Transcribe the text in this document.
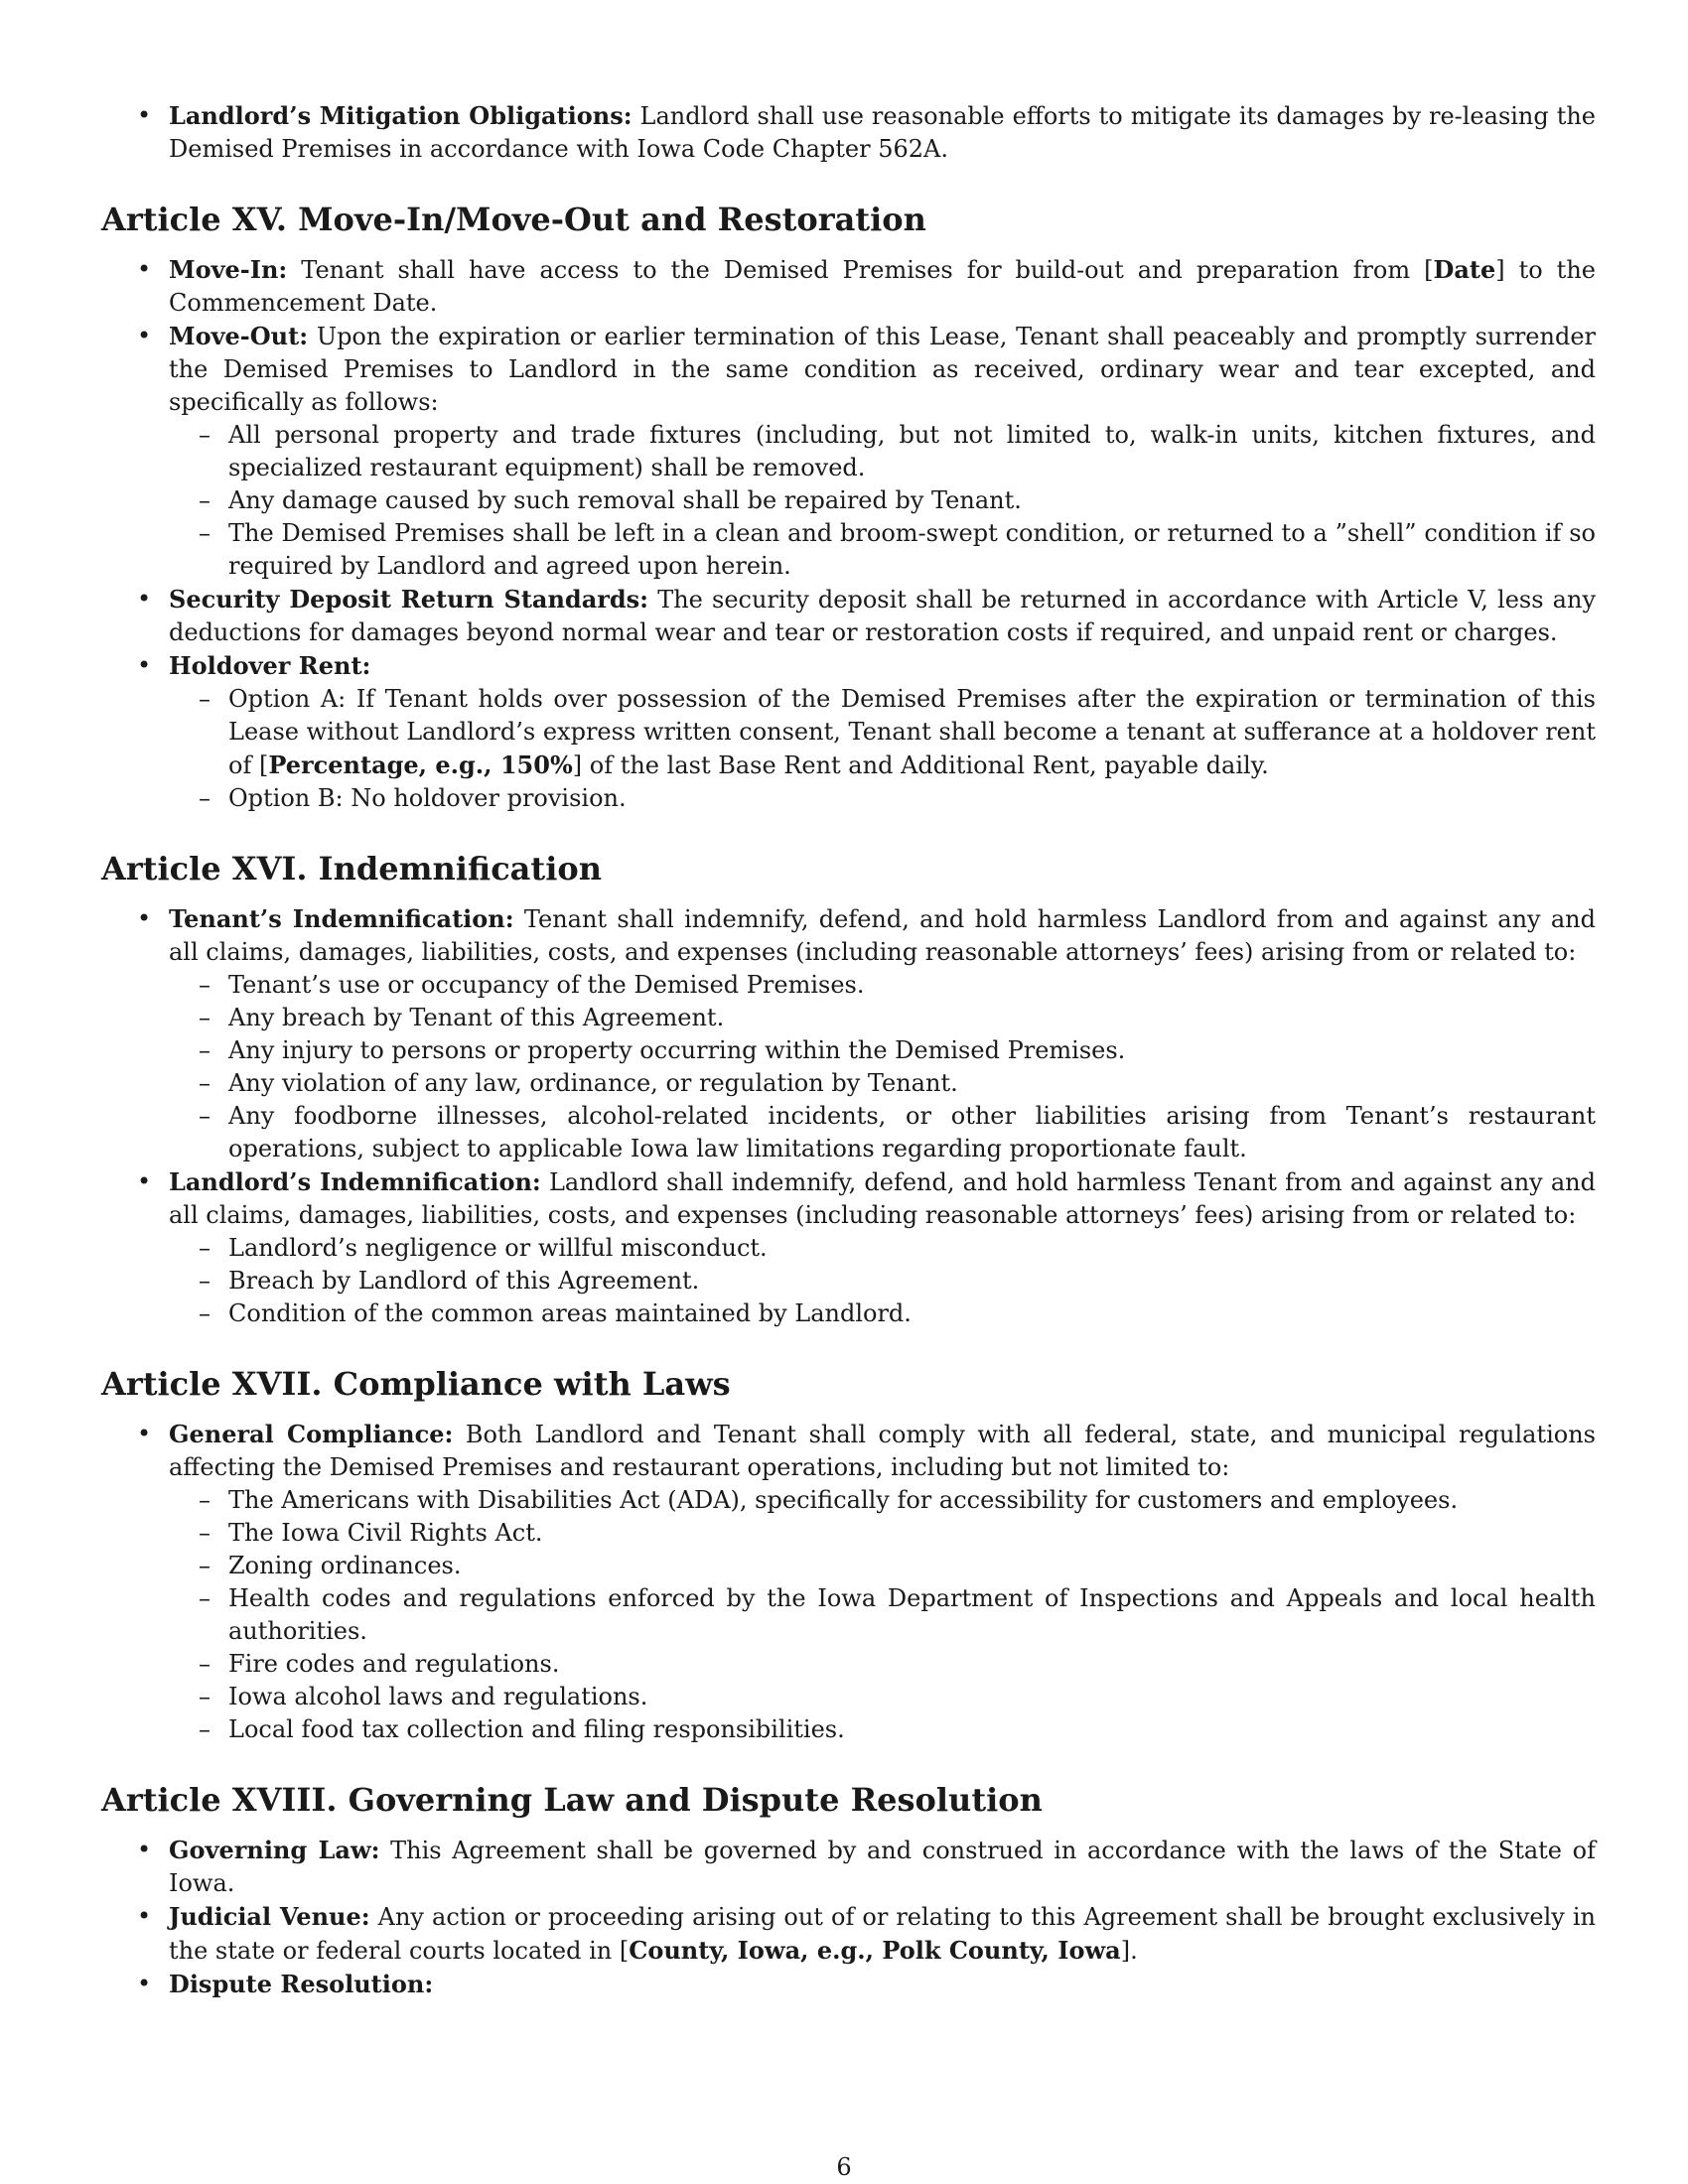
• Landlord’s Mitigation Obligations: Landlord shall use reasonable efforts to mitigate its damages by re-leasing the Demised Premises in accordance with Iowa Code Chapter 562A.
Article XV. Move-In/Move-Out and Restoration
• Move-In: Tenant shall have access to the Demised Premises for build-out and preparation from [Date] to the Commencement Date.
• Move-Out: Upon the expiration or earlier termination of this Lease, Tenant shall peaceably and promptly surrender the Demised Premises to Landlord in the same condition as received, ordinary wear and tear excepted, and specifically as follows:
– All personal property and trade fixtures (including, but not limited to, walk-in units, kitchen fixtures, and specialized restaurant equipment) shall be removed.
– Any damage caused by such removal shall be repaired by Tenant.
– The Demised Premises shall be left in a clean and broom-swept condition, or returned to a ”shell” condition if so required by Landlord and agreed upon herein.
• Security Deposit Return Standards: The security deposit shall be returned in accordance with Article V, less any deductions for damages beyond normal wear and tear or restoration costs if required, and unpaid rent or charges.
• Holdover Rent:
– Option A: If Tenant holds over possession of the Demised Premises after the expiration or termination of this Lease without Landlord’s express written consent, Tenant shall become a tenant at sufferance at a holdover rent of [Percentage, e.g., 150%] of the last Base Rent and Additional Rent, payable daily.
– Option B: No holdover provision.
Article XVI. Indemnification
• Tenant’s Indemnification: Tenant shall indemnify, defend, and hold harmless Landlord from and against any and all claims, damages, liabilities, costs, and expenses (including reasonable attorneys’ fees) arising from or related to:
– Tenant’s use or occupancy of the Demised Premises.
– Any breach by Tenant of this Agreement.
– Any injury to persons or property occurring within the Demised Premises.
– Any violation of any law, ordinance, or regulation by Tenant.
– Any foodborne illnesses, alcohol-related incidents, or other liabilities arising from Tenant’s restaurant operations, subject to applicable Iowa law limitations regarding proportionate fault.
• Landlord’s Indemnification: Landlord shall indemnify, defend, and hold harmless Tenant from and against any and all claims, damages, liabilities, costs, and expenses (including reasonable attorneys’ fees) arising from or related to:
– Landlord’s negligence or willful misconduct.
– Breach by Landlord of this Agreement.
– Condition of the common areas maintained by Landlord.
Article XVII. Compliance with Laws
• General Compliance: Both Landlord and Tenant shall comply with all federal, state, and municipal regulations affecting the Demised Premises and restaurant operations, including but not limited to:
– The Americans with Disabilities Act (ADA), specifically for accessibility for customers and employees.
– The Iowa Civil Rights Act.
– Zoning ordinances.
– Health codes and regulations enforced by the Iowa Department of Inspections and Appeals and local health authorities.
– Fire codes and regulations.
– Iowa alcohol laws and regulations.
– Local food tax collection and filing responsibilities.
Article XVIII. Governing Law and Dispute Resolution
• Governing Law: This Agreement shall be governed by and construed in accordance with the laws of the State of Iowa.
• Judicial Venue: Any action or proceeding arising out of or relating to this Agreement shall be brought exclusively in the state or federal courts located in [County, Iowa, e.g., Polk County, Iowa].
• Dispute Resolution:
6
